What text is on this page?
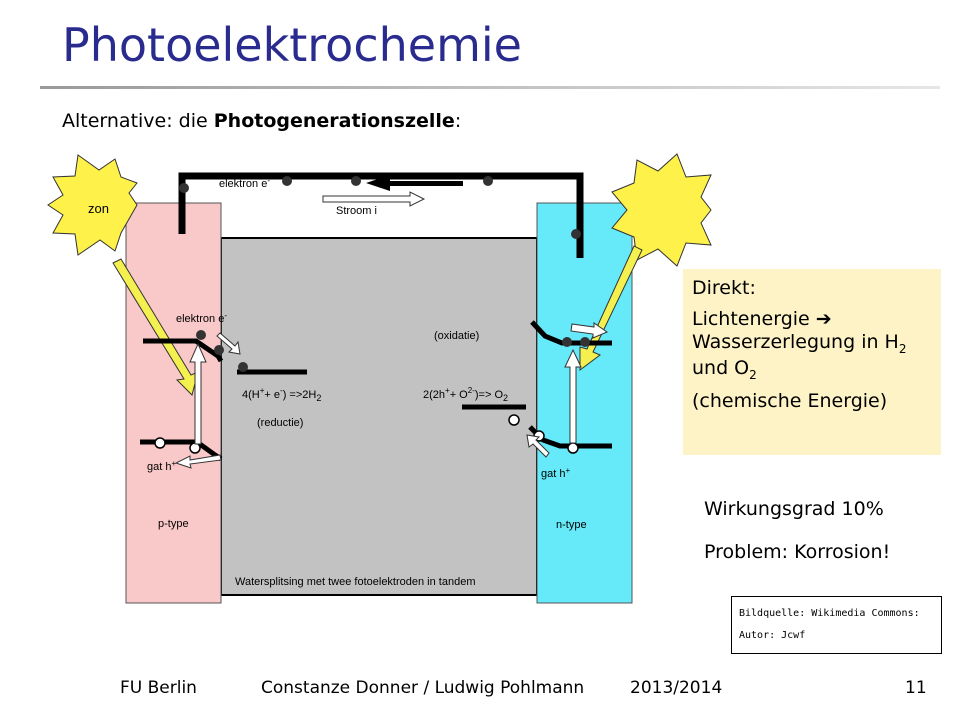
Photoelektrochemie
Alternative: die Photogenerationszelle:
elektron e-
Stroom i
zon
elektron e-
gat h+
p-type
$4(H^++ e^-) =>2H_2$
(reductie)
(oxidatie)
$2(2h^++ O^{2-})=> O_2$
gat h+
n-type
Watersplitsing met twee fotoelektroden in tandem

Direkt:

Lichtenergie ➔ Wasserzerlegung in $H_2$ und $O_2$

(chemische Energie)

Wirkungsgrad 10%
Problem: Korrosion!
Bildquelle: Wikimedia Commons:
Autor: Jcwf
FU Berlin	Constanze Donner / Ludwig Pohlmann	2013/2014	11
